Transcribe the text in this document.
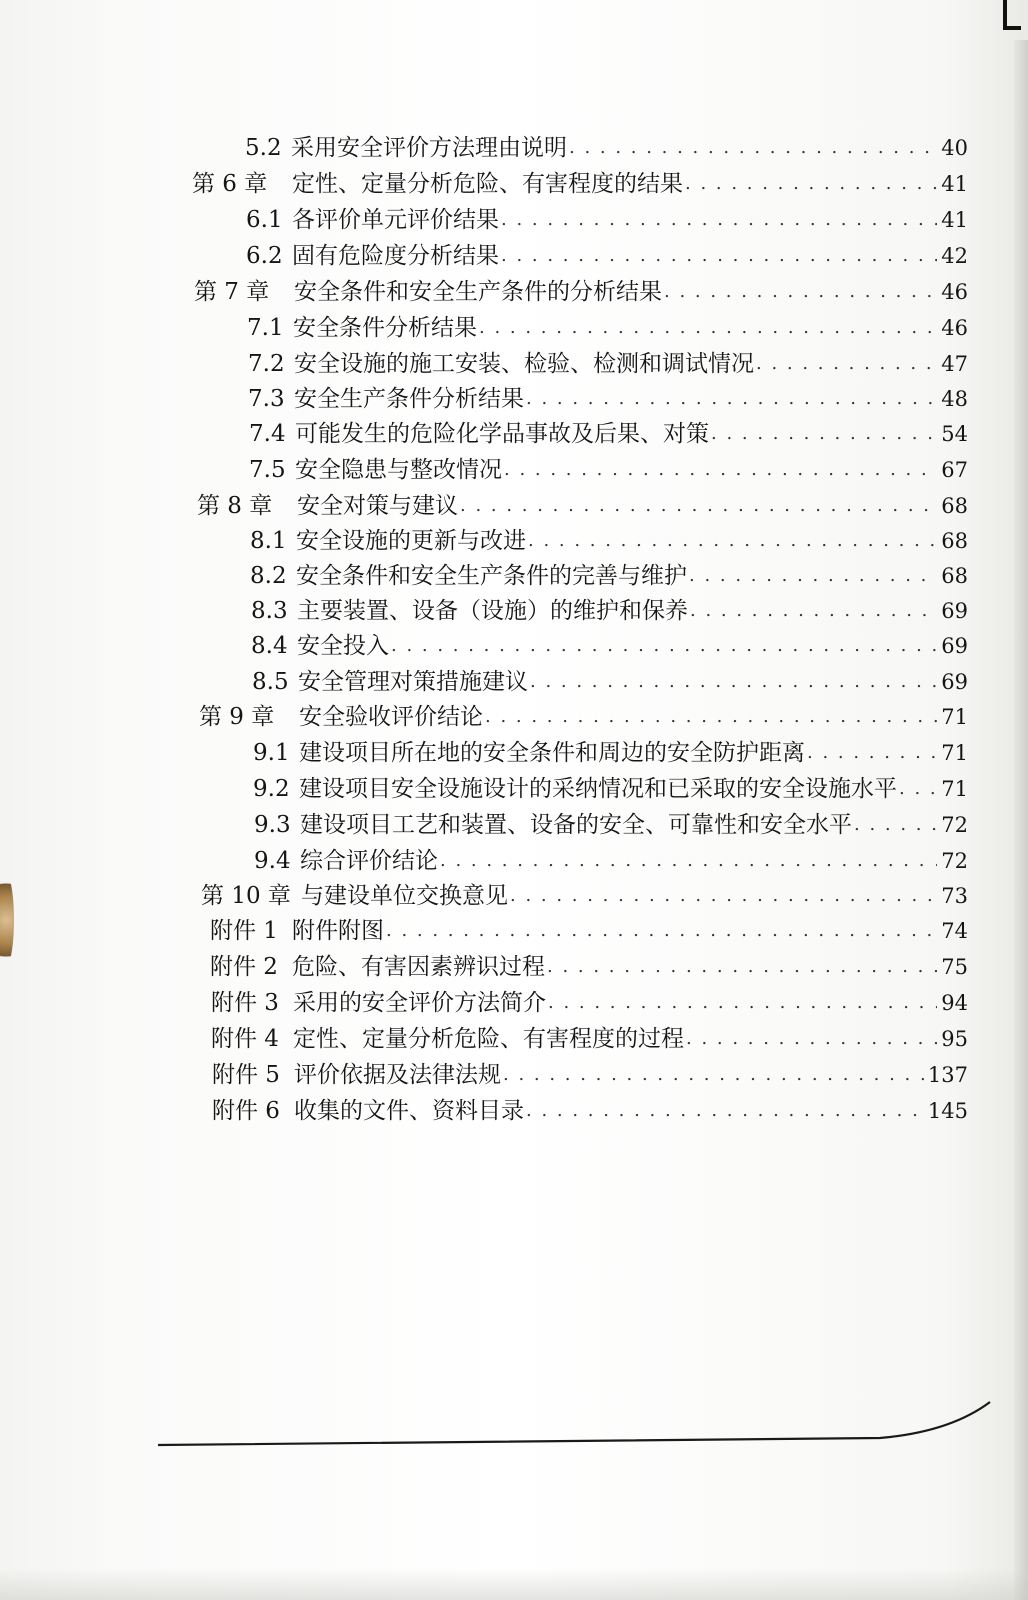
5.2 采用安全评价方法理由说明 . . .	40
第 6 章	定性、定量分析危险、有害程度的结果 . . .	41
6.1 各评价单元评价结果 . . .	41
6.2 固有危险度分析结果 . . .	42
第 7 章	安全条件和安全生产条件的分析结果 . . .	46
7.1 安全条件分析结果 . . .	46
7.2 安全设施的施工安装、检验、检测和调试情况 . . .	47
7.3 安全生产条件分析结果 . . .	48
7.4 可能发生的危险化学品事故及后果、对策 . . .	54
7.5 安全隐患与整改情况 . . .	67
第 8 章	安全对策与建议 . . .	68
8.1 安全设施的更新与改进 . . .	68
8.2 安全条件和安全生产条件的完善与维护 . . .	68
8.3 主要装置、设备（设施）的维护和保养 . . .	69
8.4 安全投入 . . .	69
8.5 安全管理对策措施建议 . . .	69
第 9 章	安全验收评价结论 . . .	71
9.1 建设项目所在地的安全条件和周边的安全防护距离 . . .	71
9.2 建设项目安全设施设计的采纳情况和已采取的安全设施水平 . . . 71
9.3 建设项目工艺和装置、设备的安全、可靠性和安全水平 . . .	72
9.4 综合评价结论 . . .	72
第 10 章 与建设单位交换意见 . . .	73
附件 1 附件附图 . . .	74
附件 2 危险、有害因素辨识过程 . . .	75
附件 3 采用的安全评价方法简介 . . .	94
附件 4 定性、定量分析危险、有害程度的过程 . . .	95
附件 5 评价依据及法律法规 . . .	137
附件 6 收集的文件、资料目录 . . .	145
